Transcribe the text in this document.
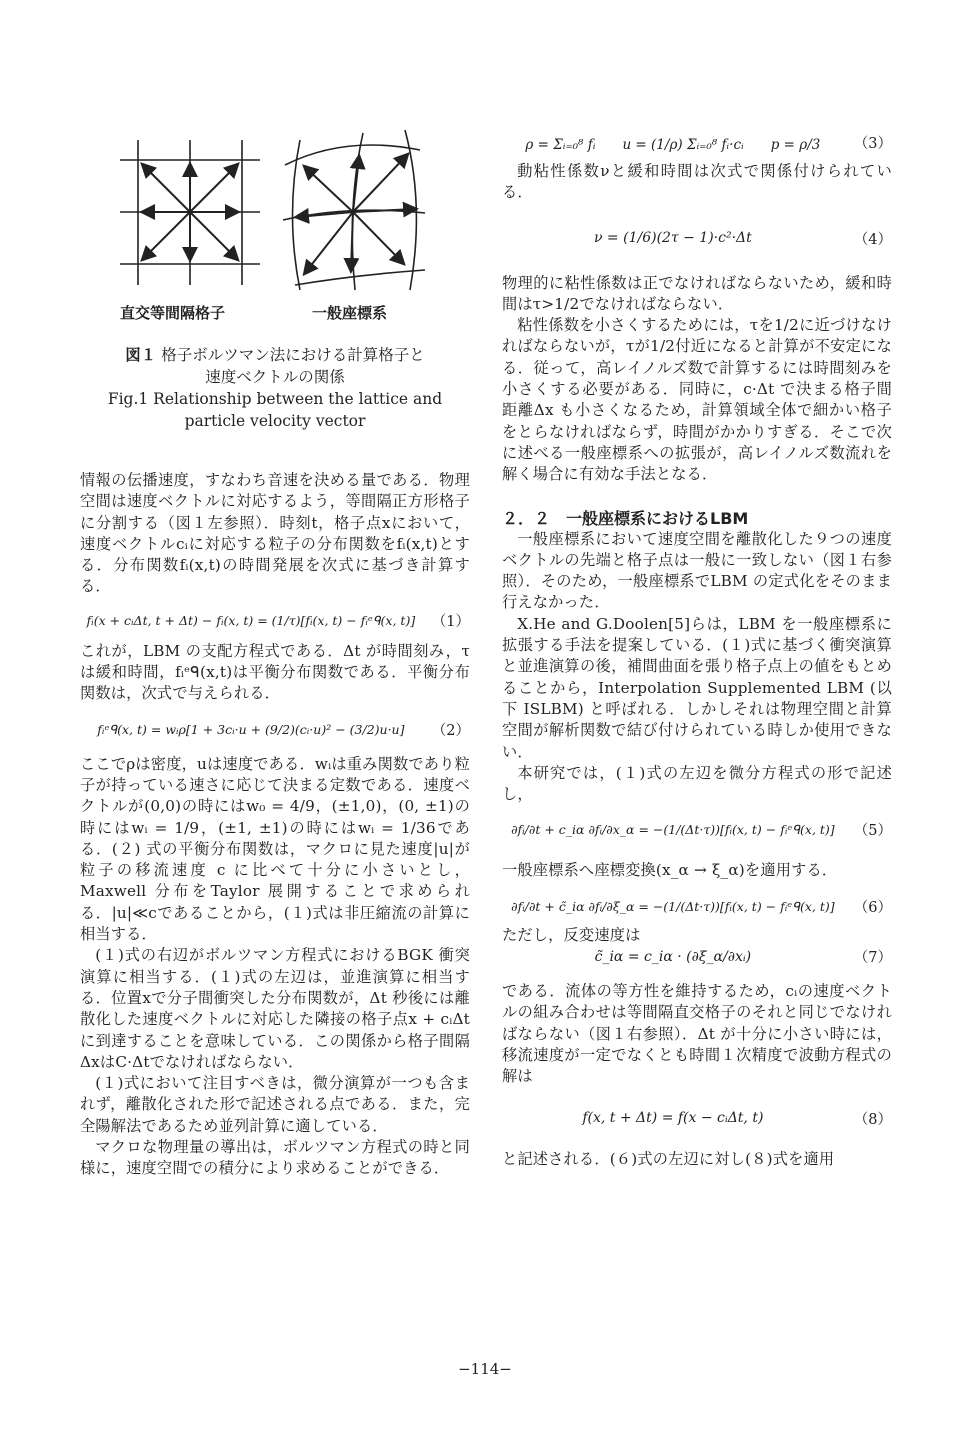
直交等間隔格子	一般座標系
図１ 格子ボルツマン法における計算格子と
速度ベクトルの関係
Fig.1 Relationship between the lattice and
particle velocity vector

情報の伝播速度，すなわち音速を決める量である．物理空間は速度ベクトルに対応するよう，等間隔正方形格子に分割する（図１左参照）．時刻t，格子点xにおいて，速度ベクトルcᵢに対応する粒子の分布関数をfᵢ(x,t)とする．分布関数fᵢ(x,t)の時間発展を次式に基づき計算する．

fᵢ(x + cᵢΔt, t + Δt) − fᵢ(x, t) = (1/τ)[fᵢ(x, t) − fᵢᵉᑫ(x, t)]	（1）

これが，LBM の支配方程式である．Δt が時間刻み，τは緩和時間，fᵢᵉᑫ(x,t)は平衡分布関数である．平衡分布関数は，次式で与えられる．

fᵢᵉᑫ(x, t) = wᵢρ[1 + 3cᵢ·u + (9/2)(cᵢ·u)² − (3/2)u·u]	（2）

ここでρは密度，uは速度である．wᵢは重み関数であり粒子が持っている速さに応じて決まる定数である．速度ベクトルが(0,0)の時にはw₀ = 4/9，(±1,0)，(0, ±1)の時にはwᵢ = 1/9，(±1, ±1)の時にはwᵢ = 1/36である．(２) 式の平衡分布関数は，マクロに見た速度|u|が粒子の移流速度 c に比べて十分に小さいとし，Maxwell 分布をTaylor 展開することで求められる．|u|≪cであることから，(１)式は非圧縮流の計算に相当する．

(１)式の右辺がボルツマン方程式におけるBGK 衝突演算に相当する．(１)式の左辺は，並進演算に相当する．位置xで分子間衝突した分布関数が，Δt 秒後には離散化した速度ベクトルに対応した隣接の格子点x + cᵢΔtに到達することを意味している．この関係から格子間隔ΔxはC·Δtでなければならない．

(１)式において注目すべきは，微分演算が一つも含まれず，離散化された形で記述される点である．また，完全陽解法であるため並列計算に適している．

マクロな物理量の導出は，ボルツマン方程式の時と同様に，速度空間での積分により求めることができる．

ρ = Σᵢ₌₀⁸ fᵢ　　u = (1/ρ) Σᵢ₌₀⁸ fᵢ·cᵢ　　p = ρ/3	（3）

動粘性係数νと緩和時間は次式で関係付けられている．

ν = (1/6)(2τ − 1)·c²·Δt	（4）

物理的に粘性係数は正でなければならないため，緩和時間はτ>1/2でなければならない．

粘性係数を小さくするためには，τを1/2に近づけなければならないが，τが1/2付近になると計算が不安定になる．従って，高レイノルズ数で計算するには時間刻みを小さくする必要がある．同時に，c·Δt で決まる格子間距離Δx も小さくなるため，計算領域全体で細かい格子をとらなければならず，時間がかかりすぎる．そこで次に述べる一般座標系への拡張が，高レイノルズ数流れを解く場合に有効な手法となる．

２．２　一般座標系におけるLBM

一般座標系において速度空間を離散化した９つの速度ベクトルの先端と格子点は一般に一致しない（図１右参照）．そのため，一般座標系でLBM の定式化をそのまま行えなかった．

X.He and G.Doolen[5]らは，LBM を一般座標系に拡張する手法を提案している．(１)式に基づく衝突演算と並進演算の後，補間曲面を張り格子点上の値をもとめることから，Interpolation Supplemented LBM (以下 ISLBM) と呼ばれる．しかしそれは物理空間と計算空間が解析関数で結び付けられている時しか使用できない．

本研究では，(１)式の左辺を微分方程式の形で記述し，

∂fᵢ/∂t + c_iα ∂fᵢ/∂x_α = −(1/(Δt·τ))[fᵢ(x, t) − fᵢᵉᑫ(x, t)]	（5）

一般座標系へ座標変換(x_α → ξ_α)を適用する．

∂fᵢ/∂t + c̃_iα ∂fᵢ/∂ξ_α = −(1/(Δt·τ))[fᵢ(x, t) − fᵢᵉᑫ(x, t)]	（6）

ただし，反変速度は

c̃_iα = c_iα · (∂ξ_α/∂xᵢ)	（7）

である．流体の等方性を維持するため，cᵢの速度ベクトルの組み合わせは等間隔直交格子のそれと同じでなければならない（図１右参照）．Δt が十分に小さい時には，移流速度が一定でなくとも時間１次精度で波動方程式の解は

f(x, t + Δt) = f(x − cᵢΔt, t)	（8）

と記述される．(６)式の左辺に対し(８)式を適用

−114−
